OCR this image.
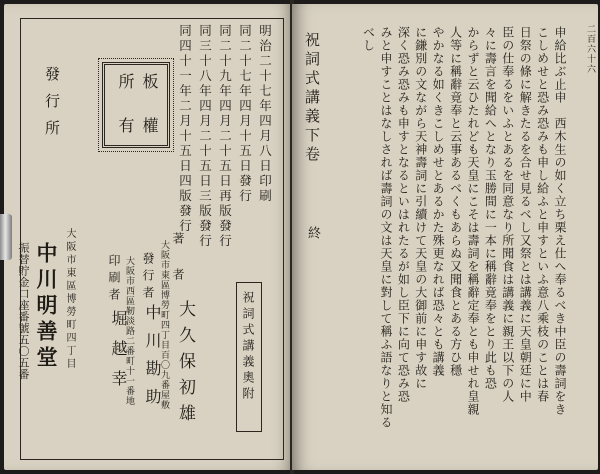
明治二十七年四月八日印刷
同二十七年四月十五日發行
同二十九年四月二十五日再版發行
同三十八年四月二十五日三版發行
同四十一年二月十五日四版發行
板　權
所　有
著　者
大久保初雄
大阪市東區博勞町四丁目百〇九番屋敷
發行者
中川勘助
大阪市西區靭淡路二番町十一番地
印刷者
堀越幸	祝詞式講義奧附
發行所
大阪市東區博勞町四丁目
中川明善堂
振替貯金口座番號五〇五番
二百六十六
申給比ぶ止申　西木生の如く立ち栗え仕へ奉るべき中臣の壽詞をき
こしめせと恐み恐みも申し給ふと申すといふ意八乘枝のことは春
日祭の條に解きたるを合せ見るべし又祭とは講義に天皇朝廷に中
臣の仕奉るをいふとあるを同意なり所聞食は講義に親王以下の人
々に壽言を聞給へとなり玉勝間に一本に稱辭竟奉をとり此も恐
からずと云ひたれども天皇にこそは壽詞を稱辭定奉とも申せれ皇親
人等に稱辭竟奉と云事あるべくもあらぬ又聞食とある方ひ穩
やかなる如くきこしめせとあるかた殊更なれば恐々とも講義
に鎌別の文ながら天神壽詞に引續けて天皇の大御前に申す故に
深く恐み恐みも申すとなるといはれたるが如し臣下に向て恐み恐
みと申すことはなしされば壽詞の文は天皇に對して稱ふ語なりと知る
べし
祝詞式講義下卷
終
